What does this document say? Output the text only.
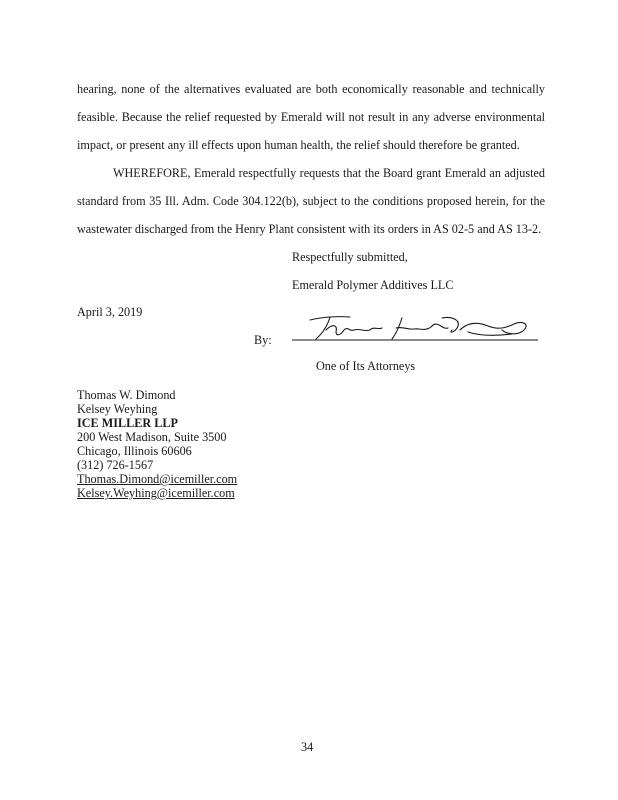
hearing, none of the alternatives evaluated are both economically reasonable and technically
feasible. Because the relief requested by Emerald will not result in any adverse environmental
impact, or present any ill effects upon human health, the relief should therefore be granted.
WHEREFORE, Emerald respectfully requests that the Board grant Emerald an adjusted
standard from 35 Ill. Adm. Code 304.122(b), subject to the conditions proposed herein, for the
wastewater discharged from the Henry Plant consistent with its orders in AS 02-5 and AS 13-2.
Respectfully submitted,
Emerald Polymer Additives LLC
April 3, 2019
By:
One of Its Attorneys
Thomas W. Dimond
Kelsey Weyhing
ICE MILLER LLP
200 West Madison, Suite 3500
Chicago, Illinois 60606
(312) 726-1567
Thomas.Dimond@icemiller.com
Kelsey.Weyhing@icemiller.com
34
